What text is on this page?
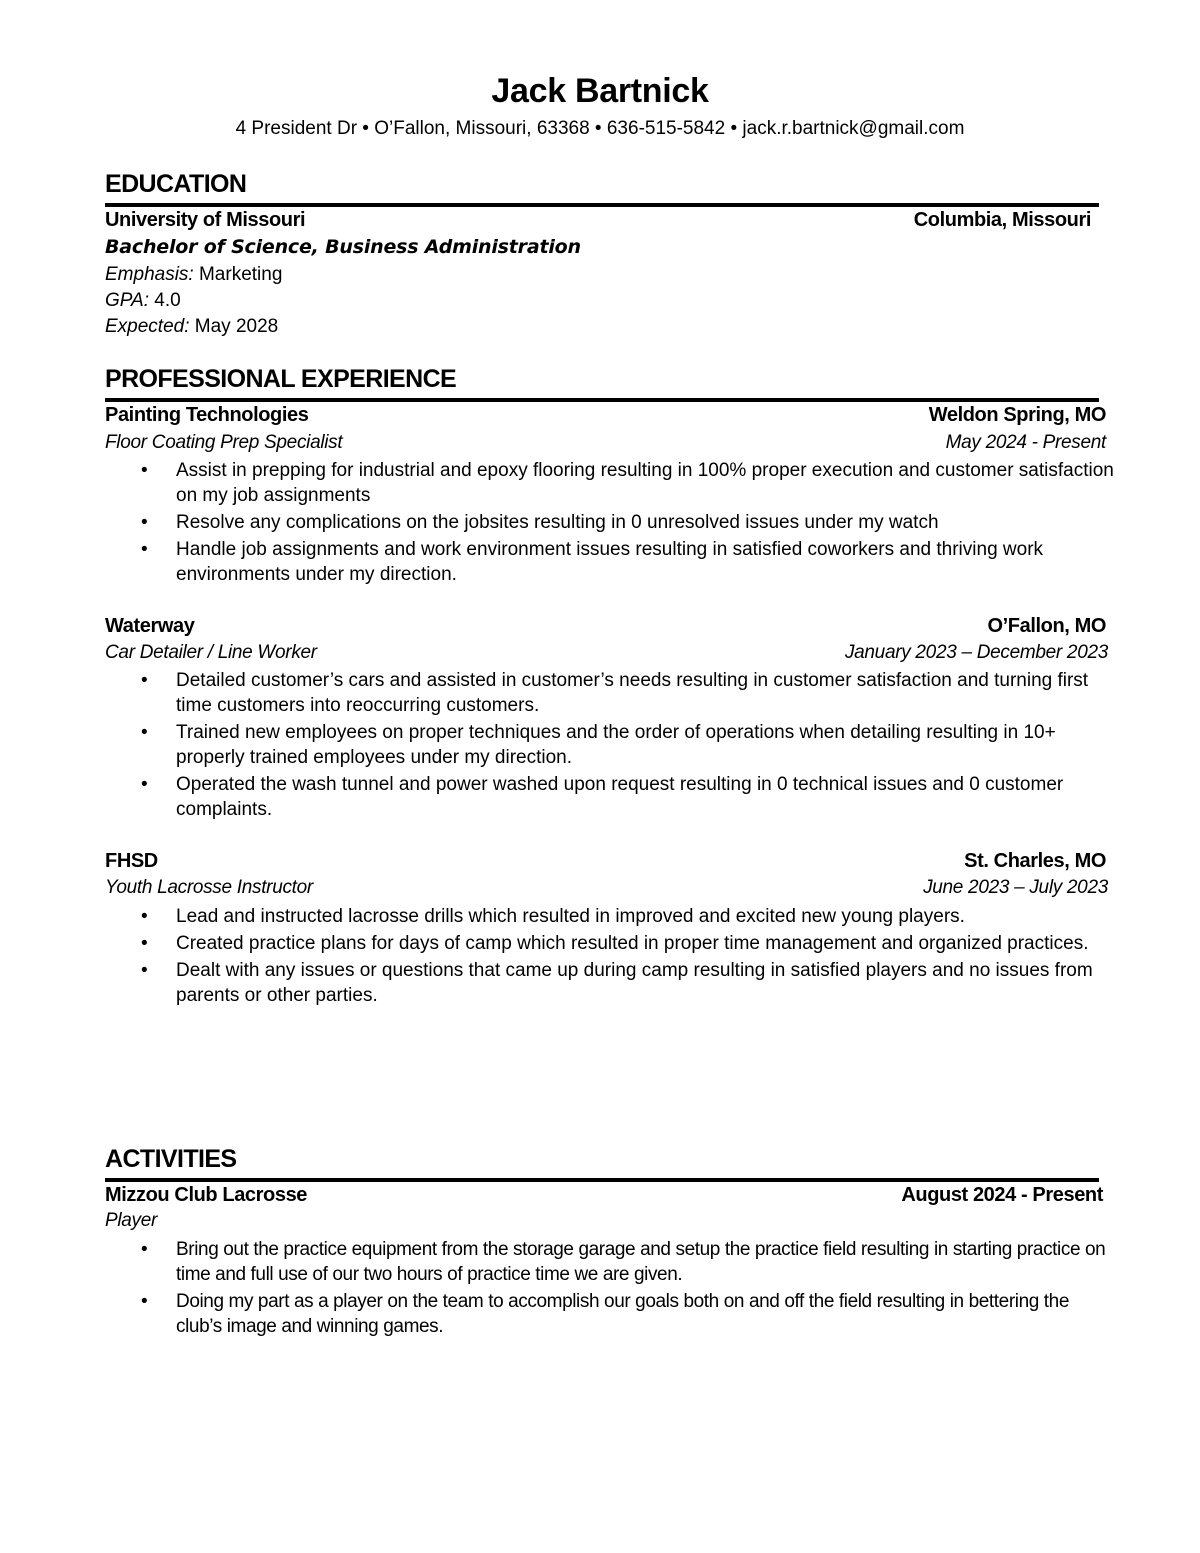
Jack Bartnick
4 President Dr • O’Fallon, Missouri, 63368 • 636-515-5842 • jack.r.bartnick@gmail.com
EDUCATION
University of Missouri	Columbia, Missouri
Bachelor of Science, Business Administration
Emphasis: Marketing
GPA: 4.0
Expected: May 2028
PROFESSIONAL EXPERIENCE
Painting Technologies	Weldon Spring, MO
Floor Coating Prep Specialist	May 2024 - Present
• Assist in prepping for industrial and epoxy flooring resulting in 100% proper execution and customer satisfaction on my job assignments
• Resolve any complications on the jobsites resulting in 0 unresolved issues under my watch
• Handle job assignments and work environment issues resulting in satisfied coworkers and thriving work environments under my direction.
Waterway	O’Fallon, MO
Car Detailer / Line Worker	January 2023 – December 2023
• Detailed customer’s cars and assisted in customer’s needs resulting in customer satisfaction and turning first time customers into reoccurring customers.
• Trained new employees on proper techniques and the order of operations when detailing resulting in 10+ properly trained employees under my direction.
• Operated the wash tunnel and power washed upon request resulting in 0 technical issues and 0 customer complaints.
FHSD	St. Charles, MO
Youth Lacrosse Instructor	June 2023 – July 2023
• Lead and instructed lacrosse drills which resulted in improved and excited new young players.
• Created practice plans for days of camp which resulted in proper time management and organized practices.
• Dealt with any issues or questions that came up during camp resulting in satisfied players and no issues from parents or other parties.
ACTIVITIES
Mizzou Club Lacrosse	August 2024 - Present
Player
• Bring out the practice equipment from the storage garage and setup the practice field resulting in starting practice on time and full use of our two hours of practice time we are given.
• Doing my part as a player on the team to accomplish our goals both on and off the field resulting in bettering the club’s image and winning games.
